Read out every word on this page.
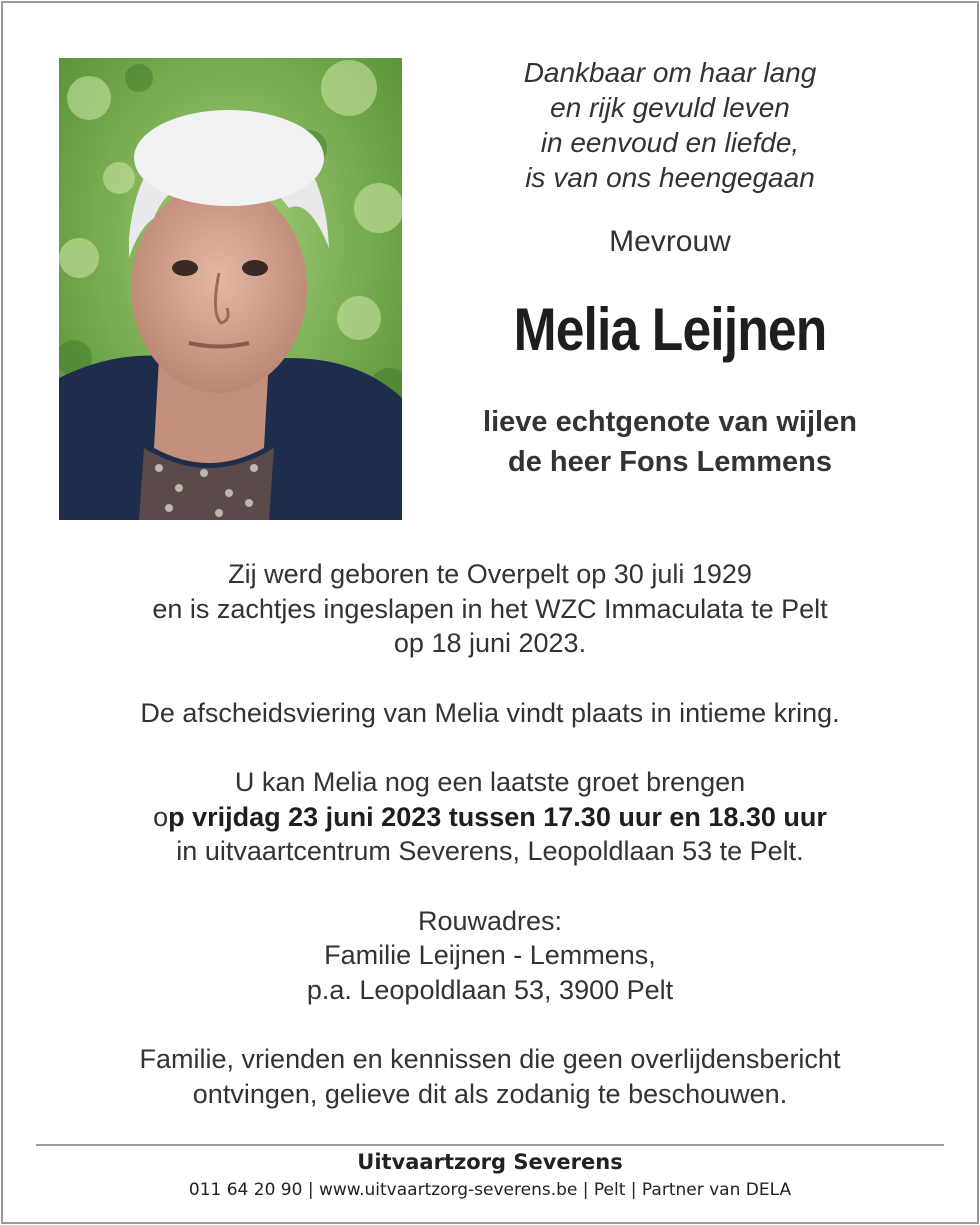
Dankbaar om haar lang
en rijk gevuld leven
in eenvoud en liefde,
is van ons heengegaan
Mevrouw
Melia Leijnen
lieve echtgenote van wijlen
de heer Fons Lemmens
Zij werd geboren te Overpelt op 30 juli 1929
en is zachtjes ingeslapen in het WZC Immaculata te Pelt
op 18 juni 2023.
De afscheidsviering van Melia vindt plaats in intieme kring.
U kan Melia nog een laatste groet brengen
op vrijdag 23 juni 2023 tussen 17.30 uur en 18.30 uur
in uitvaartcentrum Severens, Leopoldlaan 53 te Pelt.
Rouwadres:
Familie Leijnen - Lemmens,
p.a. Leopoldlaan 53, 3900 Pelt
Familie, vrienden en kennissen die geen overlijdensbericht
ontvingen, gelieve dit als zodanig te beschouwen.
Uitvaartzorg Severens
011 64 20 90 | www.uitvaartzorg-severens.be | Pelt | Partner van DELA
